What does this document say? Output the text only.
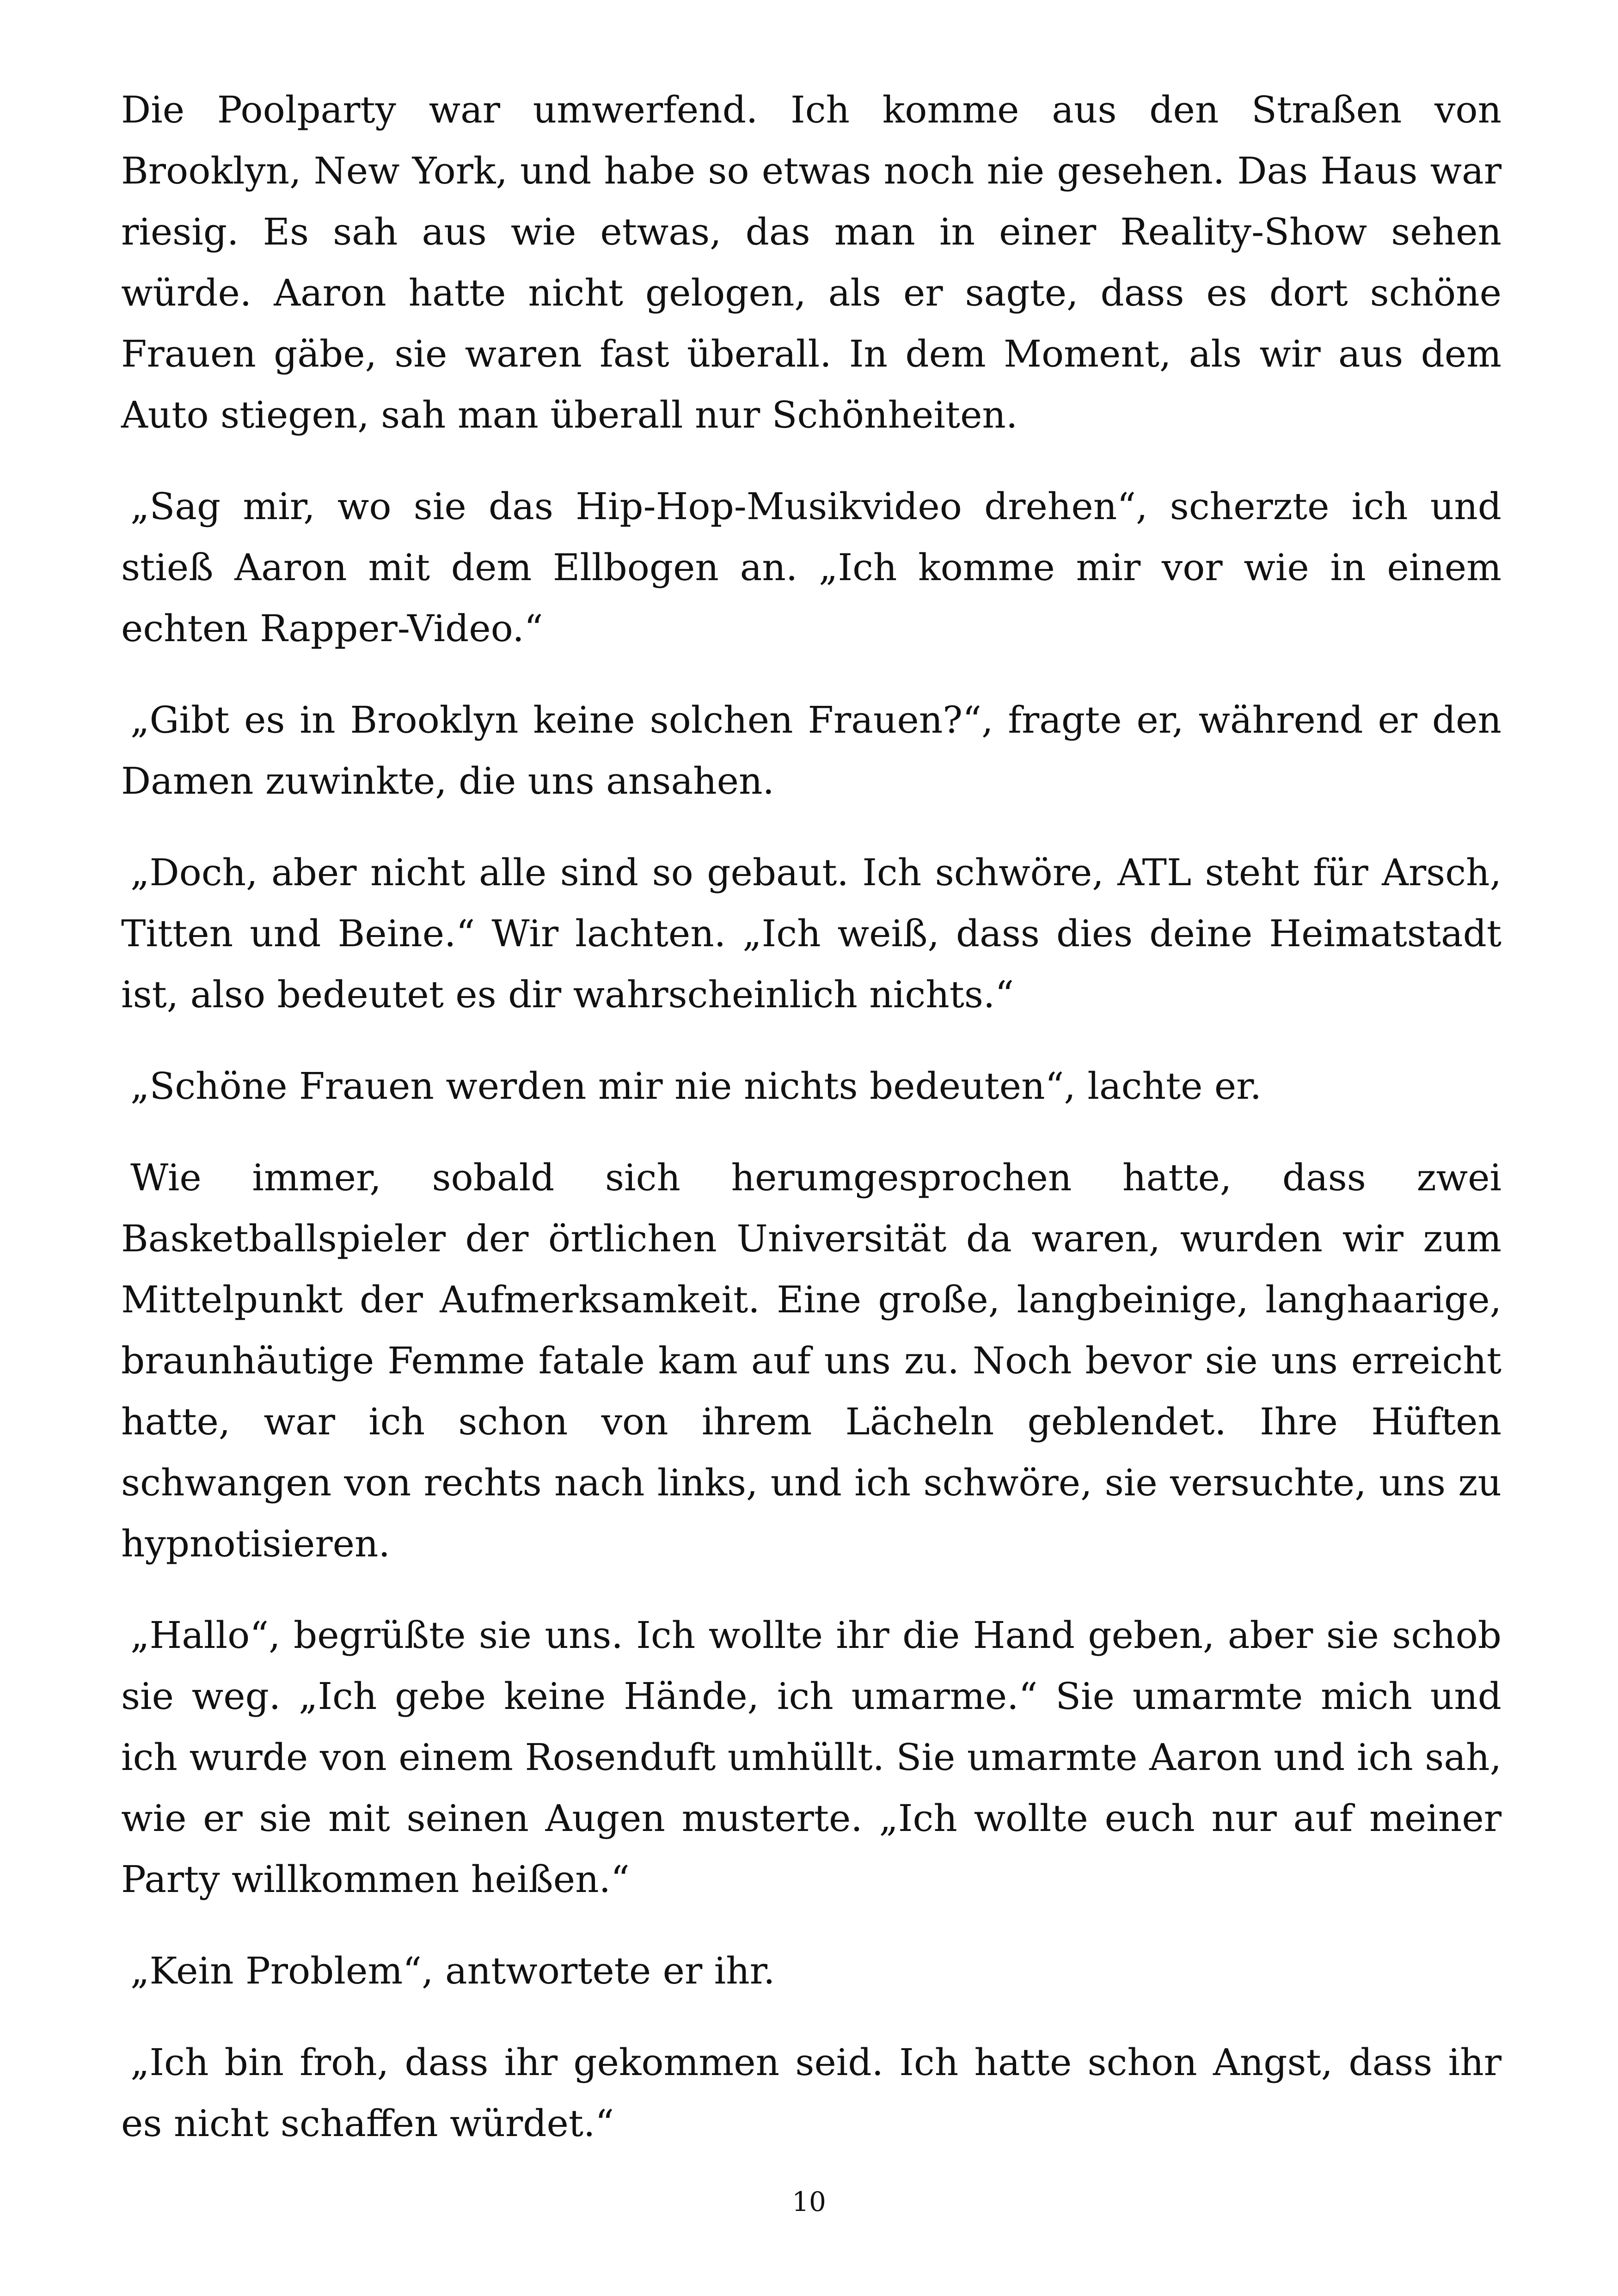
Die Poolparty war umwerfend. Ich komme aus den Straßen von Brooklyn, New York, und habe so etwas noch nie gesehen. Das Haus war riesig. Es sah aus wie etwas, das man in einer Reality-Show sehen würde. Aaron hatte nicht gelogen, als er sagte, dass es dort schöne Frauen gäbe, sie waren fast überall. In dem Moment, als wir aus dem Auto stiegen, sah man überall nur Schönheiten.

„Sag mir, wo sie das Hip-Hop-Musikvideo drehen“, scherzte ich und stieß Aaron mit dem Ellbogen an. „Ich komme mir vor wie in einem echten Rapper-Video.“

„Gibt es in Brooklyn keine solchen Frauen?“, fragte er, während er den Damen zuwinkte, die uns ansahen.

„Doch, aber nicht alle sind so gebaut. Ich schwöre, ATL steht für Arsch, Titten und Beine.“ Wir lachten. „Ich weiß, dass dies deine Heimatstadt ist, also bedeutet es dir wahrscheinlich nichts.“

„Schöne Frauen werden mir nie nichts bedeuten“, lachte er.

Wie immer, sobald sich herumgesprochen hatte, dass zwei Basketballspieler der örtlichen Universität da waren, wurden wir zum Mittelpunkt der Aufmerksamkeit. Eine große, langbeinige, langhaarige, braunhäutige Femme fatale kam auf uns zu. Noch bevor sie uns erreicht hatte, war ich schon von ihrem Lächeln geblendet. Ihre Hüften schwangen von rechts nach links, und ich schwöre, sie versuchte, uns zu hypnotisieren.

„Hallo“, begrüßte sie uns. Ich wollte ihr die Hand geben, aber sie schob sie weg. „Ich gebe keine Hände, ich umarme.“ Sie umarmte mich und ich wurde von einem Rosenduft umhüllt. Sie umarmte Aaron und ich sah, wie er sie mit seinen Augen musterte. „Ich wollte euch nur auf meiner Party willkommen heißen.“

„Kein Problem“, antwortete er ihr.

„Ich bin froh, dass ihr gekommen seid. Ich hatte schon Angst, dass ihr es nicht schaffen würdet.“

10
